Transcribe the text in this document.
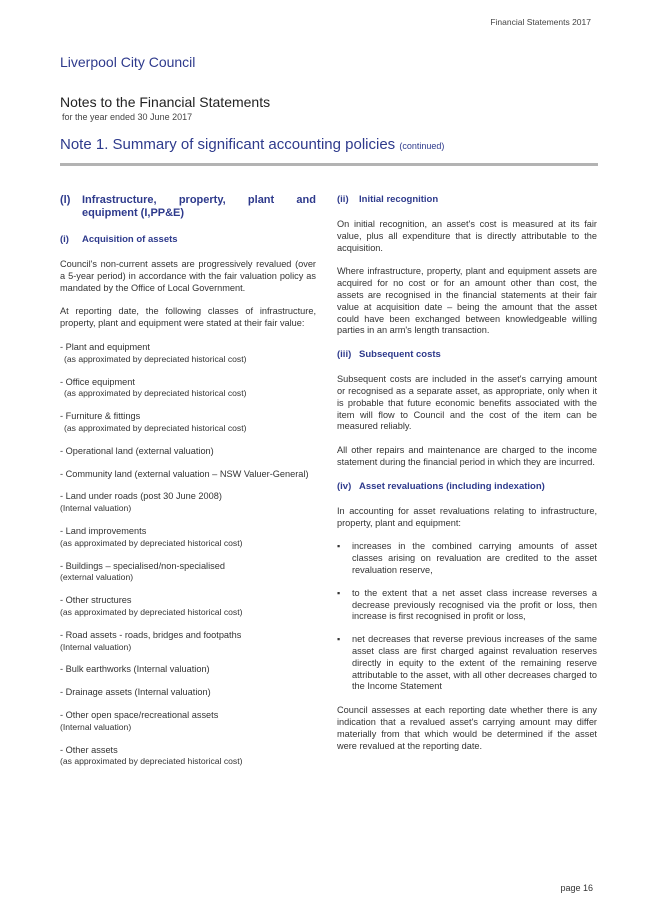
Financial Statements 2017
Liverpool City Council
Notes to the Financial Statements
for the year ended 30 June 2017
Note 1. Summary of significant accounting policies (continued)
(l)	Infrastructure, property, plant and
equipment (I,PP&E)
(i) Acquisition of assets

Council's non-current assets are progressively revalued (over a 5-year period) in accordance with the fair valuation policy as mandated by the Office of Local Government.

At reporting date, the following classes of infrastructure, property, plant and equipment were stated at their fair value:

- Plant and equipment
(as approximated by depreciated historical cost)
- Office equipment
(as approximated by depreciated historical cost)
- Furniture & fittings
(as approximated by depreciated historical cost)
- Operational land (external valuation)
- Community land (external valuation – NSW Valuer-General)
- Land under roads (post 30 June 2008)
(Internal valuation)
- Land improvements
(as approximated by depreciated historical cost)
- Buildings – specialised/non-specialised
(external valuation)
- Other structures
(as approximated by depreciated historical cost)
- Road assets - roads, bridges and footpaths
(Internal valuation)
- Bulk earthworks (Internal valuation)
- Drainage assets (Internal valuation)
- Other open space/recreational assets
(Internal valuation)
- Other assets
(as approximated by depreciated historical cost)
(ii) Initial recognition

On initial recognition, an asset's cost is measured at its fair value, plus all expenditure that is directly attributable to the acquisition.

Where infrastructure, property, plant and equipment assets are acquired for no cost or for an amount other than cost, the assets are recognised in the financial statements at their fair value at acquisition date – being the amount that the asset could have been exchanged between knowledgeable willing parties in an arm's length transaction.

(iii) Subsequent costs

Subsequent costs are included in the asset's carrying amount or recognised as a separate asset, as appropriate, only when it is probable that future economic benefits associated with the item will flow to Council and the cost of the item can be measured reliably.

All other repairs and maintenance are charged to the income statement during the financial period in which they are incurred.

(iv) Asset revaluations (including indexation)

In accounting for asset revaluations relating to infrastructure, property, plant and equipment:

▪ increases in the combined carrying amounts of asset classes arising on revaluation are credited to the asset revaluation reserve,
▪ to the extent that a net asset class increase reverses a decrease previously recognised via the profit or loss, then increase is first recognised in profit or loss,
▪ net decreases that reverse previous increases of the same asset class are first charged against revaluation reserves directly in equity to the extent of the remaining reserve attributable to the asset, with all other decreases charged to the Income Statement

Council assesses at each reporting date whether there is any indication that a revalued asset's carrying amount may differ materially from that which would be determined if the asset were revalued at the reporting date.

page 16
